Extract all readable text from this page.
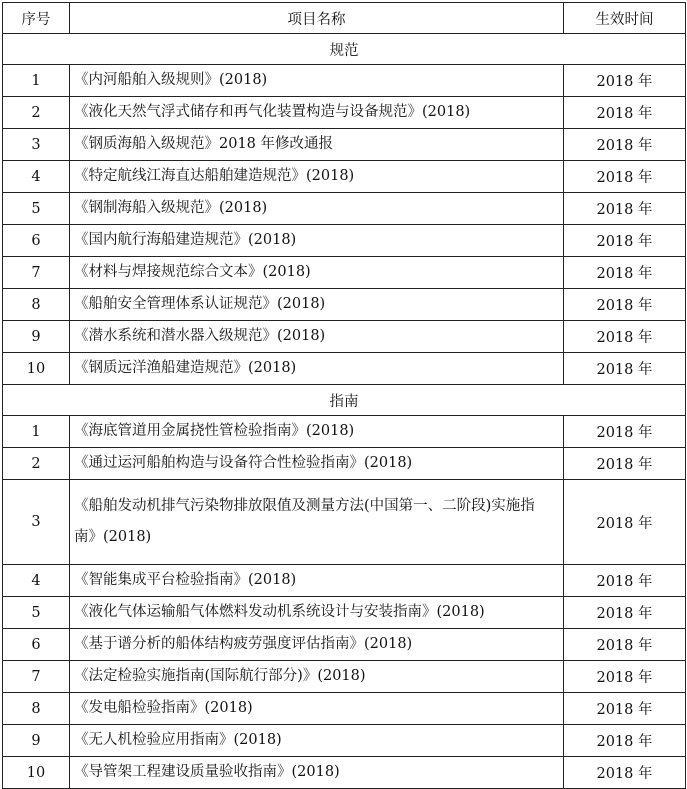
序号	项目名称	生效时间
规范		
1	《内河船舶入级规则》(2018)	2018 年
2	《液化天然气浮式储存和再气化装置构造与设备规范》(2018)	2018 年
3	《钢质海船入级规范》2018 年修改通报	2018 年
4	《特定航线江海直达船舶建造规范》(2018)	2018 年
5	《钢制海船入级规范》(2018)	2018 年
6	《国内航行海船建造规范》(2018)	2018 年
7	《材料与焊接规范综合文本》(2018)	2018 年
8	《船舶安全管理体系认证规范》(2018)	2018 年
9	《潜水系统和潜水器入级规范》(2018)	2018 年
10	《钢质远洋渔船建造规范》(2018)	2018 年
指南		
1	《海底管道用金属挠性管检验指南》(2018)	2018 年
2	《通过运河船舶构造与设备符合性检验指南》(2018)	2018 年
3	《船舶发动机排气污染物排放限值及测量方法(中国第一、二阶段)实施指南》(2018)	2018 年
4	《智能集成平台检验指南》(2018)	2018 年
5	《液化气体运输船气体燃料发动机系统设计与安装指南》(2018)	2018 年
6	《基于谱分析的船体结构疲劳强度评估指南》(2018)	2018 年
7	《法定检验实施指南(国际航行部分)》(2018)	2018 年
8	《发电船检验指南》(2018)	2018 年
9	《无人机检验应用指南》(2018)	2018 年
10	《导管架工程建设质量验收指南》(2018)	2018 年
